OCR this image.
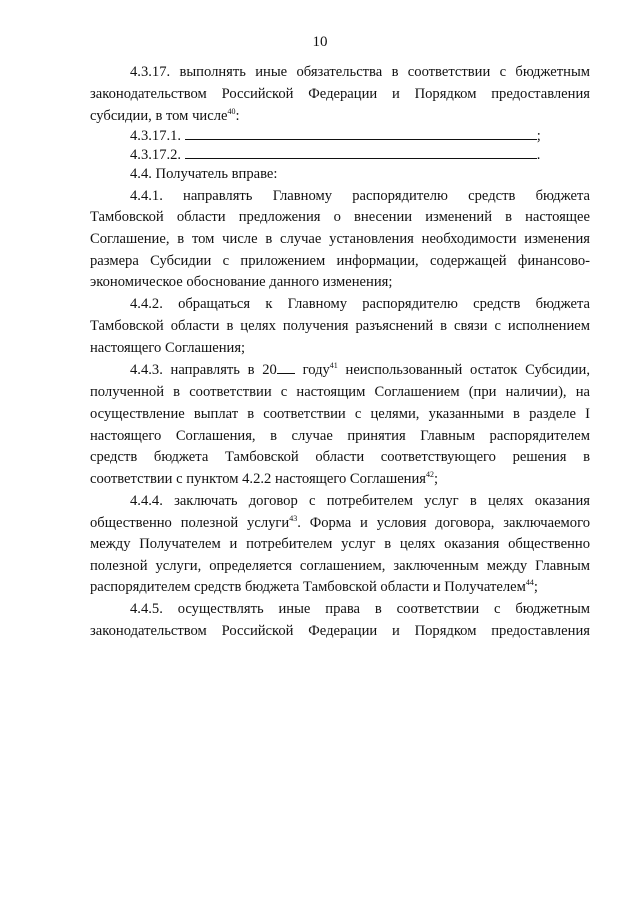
10
4.3.17. выполнять иные обязательства в соответствии с бюджетным
законодательством Российской Федерации и Порядком предоставления
субсидии, в том числе$^{40}$:
4.3.17.1.	;
4.3.17.2.	.
4.4. Получатель вправе:
4.4.1. направлять Главному распорядителю средств бюджета
Тамбовской области предложения о внесении изменений в настоящее
Соглашение, в том числе в случае установления необходимости изменения
размера Субсидии с приложением информации, содержащей финансово-
экономическое обоснование данного изменения;
4.4.2. обращаться к Главному распорядителю средств бюджета
Тамбовской области в целях получения разъяснений в связи с исполнением
настоящего Соглашения;
4.4.3. направлять в 20 году$^{41}$ неиспользованный остаток Субсидии,
полученной в соответствии с настоящим Соглашением (при наличии), на
осуществление выплат в соответствии с целями, указанными в разделе I
настоящего Соглашения, в случае принятия Главным распорядителем
средств бюджета Тамбовской области соответствующего решения в
соответствии с пунктом 4.2.2 настоящего Соглашения$^{42}$;
4.4.4. заключать договор с потребителем услуг в целях оказания
общественно полезной услуги$^{43}$. Форма и условия договора, заключаемого
между Получателем и потребителем услуг в целях оказания общественно
полезной услуги, определяется соглашением, заключенным между Главным
распорядителем средств бюджета Тамбовской области и Получателем$^{44}$;
4.4.5. осуществлять иные права в соответствии с бюджетным
законодательством Российской Федерации и Порядком предоставления
